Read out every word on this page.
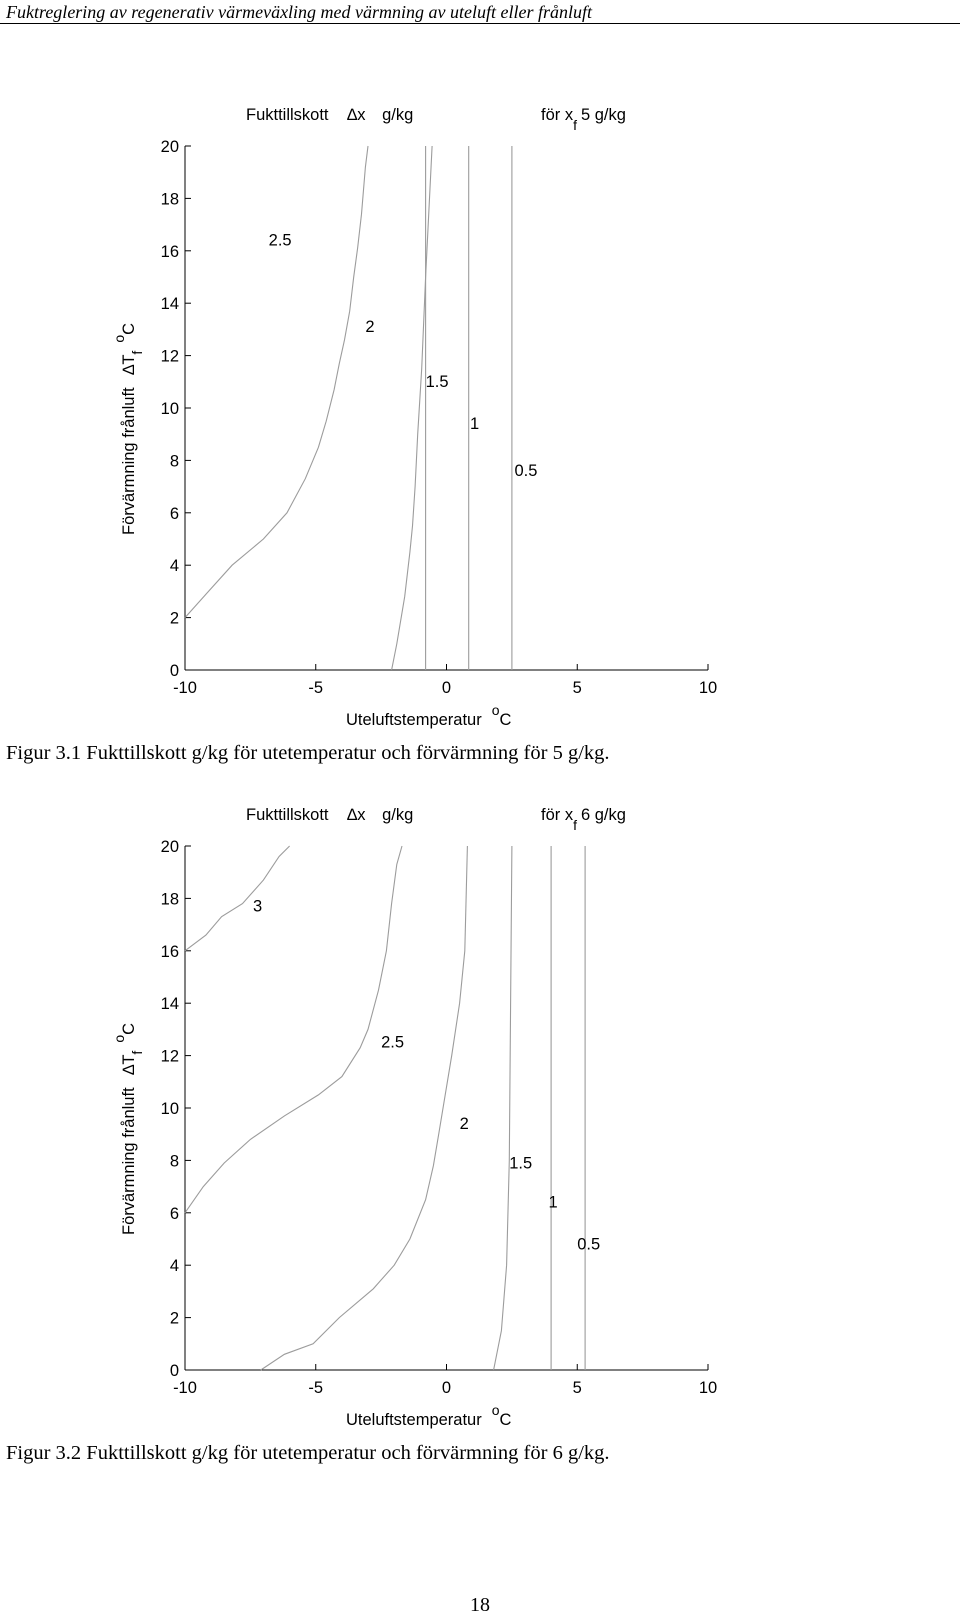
Fuktreglering av regenerativ värmeväxling med värmning av uteluft eller frånluft
0
2
4
6
8
10
12
14
16
18
20
-10	-5	0	5	10
2.5
2
1.5
1
0.5
Fukttillskott ∆x g/kg	för $x_f5$ g/kg
Förvärmning frånluft $\Delta T_f^oC$
Uteluftstemperatur$^o$C
Figur 3.1 Fukttillskott g/kg för utetemperatur och förvärmning för 5 g/kg.
0
2
4
6
8
10
12
14
16
18
20
-10	-5	0	5	10
3
2.5
2
1.5
1
0.5
Fukttillskott ∆x g/kg	för $x_f6$ g/kg
Förvärmning frånluft $\Delta T_f^oC$
Uteluftstemperatur$^o$C
Figur 3.2 Fukttillskott g/kg för utetemperatur och förvärmning för 6 g/kg.
18
